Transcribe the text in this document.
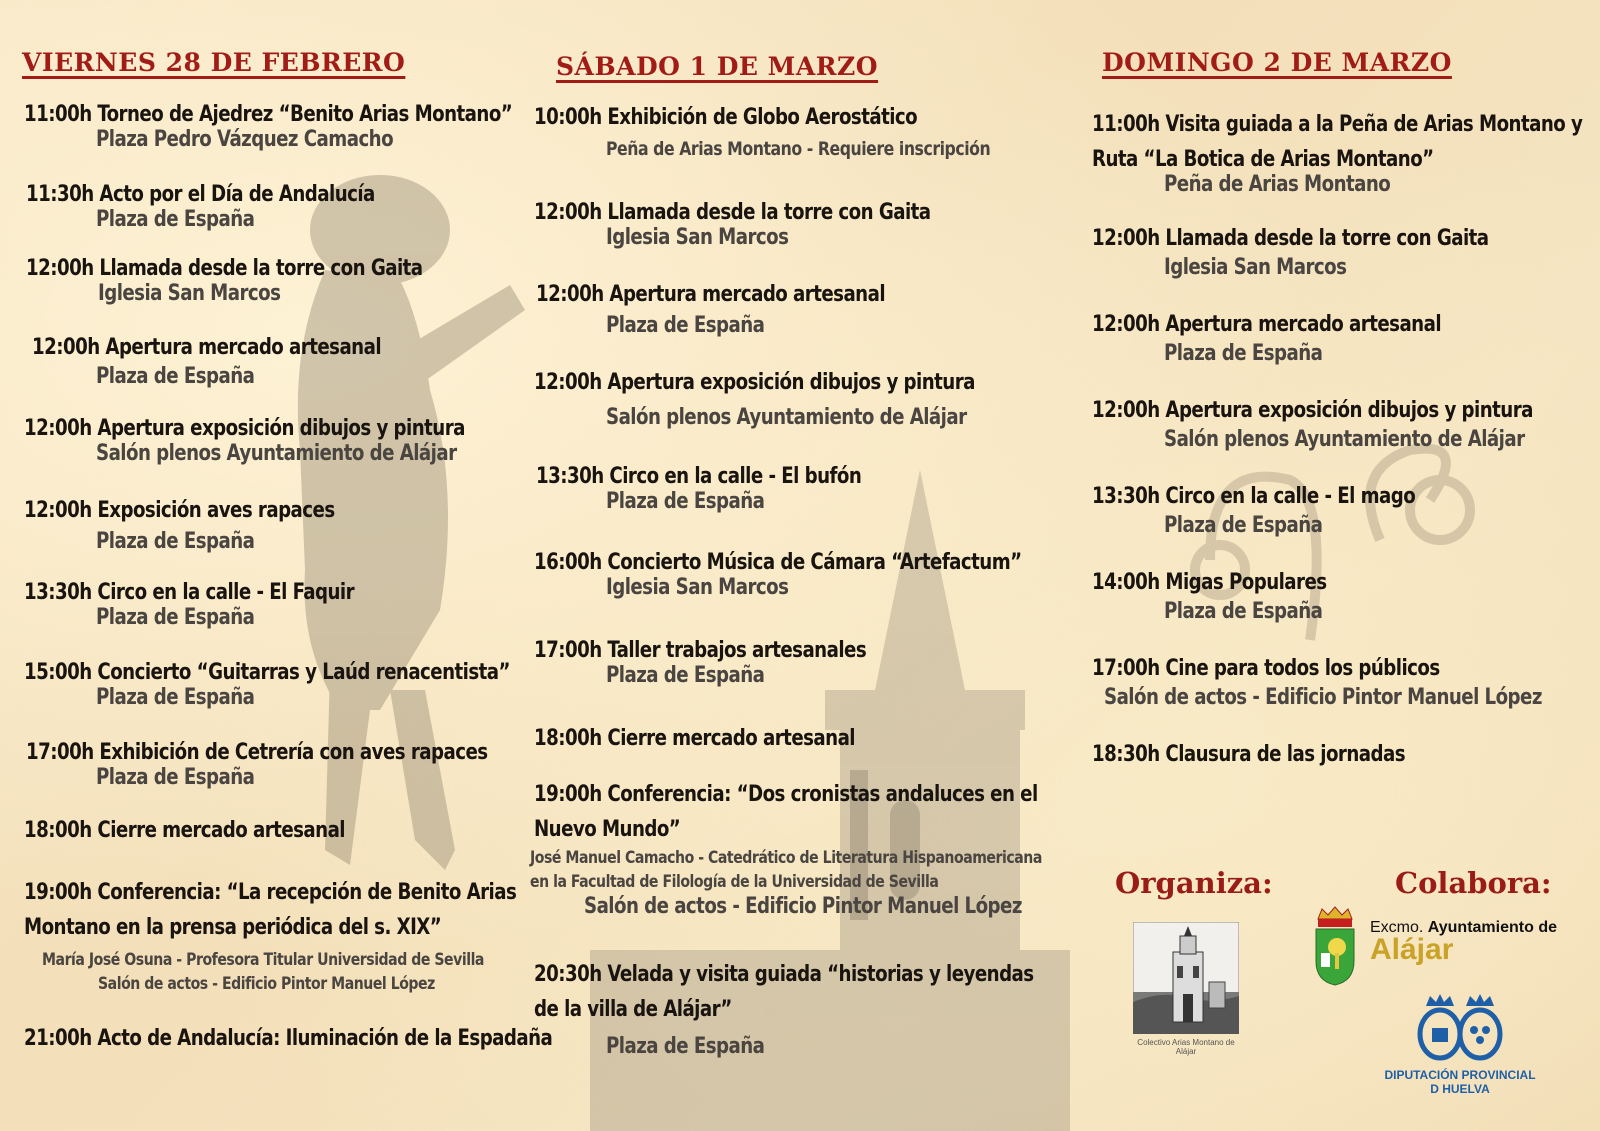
VIERNES 28 DE FEBRERO
11:00h Torneo de Ajedrez “Benito Arias Montano”
Plaza Pedro Vázquez Camacho
11:30h Acto por el Día de Andalucía
Plaza de España
12:00h Llamada desde la torre con Gaita
Iglesia San Marcos
12:00h Apertura mercado artesanal
Plaza de España
12:00h Apertura exposición dibujos y pintura
Salón plenos Ayuntamiento de Alájar
12:00h Exposición aves rapaces
Plaza de España
13:30h Circo en la calle - El Faquir
Plaza de España
15:00h Concierto “Guitarras y Laúd renacentista”
Plaza de España
17:00h Exhibición de Cetrería con aves rapaces
Plaza de España
18:00h Cierre mercado artesanal
19:00h Conferencia: “La recepción de Benito Arias
Montano en la prensa periódica del s. XIX”
María José Osuna - Profesora Titular Universidad de Sevilla
Salón de actos - Edificio Pintor Manuel López
21:00h Acto de Andalucía: Iluminación de la Espadaña
SÁBADO 1 DE MARZO
10:00h Exhibición de Globo Aerostático
Peña de Arias Montano - Requiere inscripción
12:00h Llamada desde la torre con Gaita
Iglesia San Marcos
12:00h Apertura mercado artesanal
Plaza de España
12:00h Apertura exposición dibujos y pintura
Salón plenos Ayuntamiento de Alájar
13:30h Circo en la calle - El bufón
Plaza de España
16:00h Concierto Música de Cámara “Artefactum”
Iglesia San Marcos
17:00h Taller trabajos artesanales
Plaza de España
18:00h Cierre mercado artesanal
19:00h Conferencia: “Dos cronistas andaluces en el
Nuevo Mundo”
José Manuel Camacho - Catedrático de Literatura Hispanoamericana
en la Facultad de Filología de la Universidad de Sevilla
Salón de actos - Edificio Pintor Manuel López
20:30h Velada y visita guiada “historias y leyendas
de la villa de Alájar”
Plaza de España
DOMINGO 2 DE MARZO
11:00h Visita guiada a la Peña de Arias Montano y
Ruta “La Botica de Arias Montano”
Peña de Arias Montano
12:00h Llamada desde la torre con Gaita
Iglesia San Marcos
12:00h Apertura mercado artesanal
Plaza de España
12:00h Apertura exposición dibujos y pintura
Salón plenos Ayuntamiento de Alájar
13:30h Circo en la calle - El mago
Plaza de España
14:00h Migas Populares
Plaza de España
17:00h Cine para todos los públicos
Salón de actos - Edificio Pintor Manuel López
18:30h Clausura de las jornadas
Organiza:	Colabora:
Colectivo Arias Montano de Alájar
Excmo. Ayuntamiento de
Alájar
DIPUTACIÓN PROVINCIAL
D HUELVA
